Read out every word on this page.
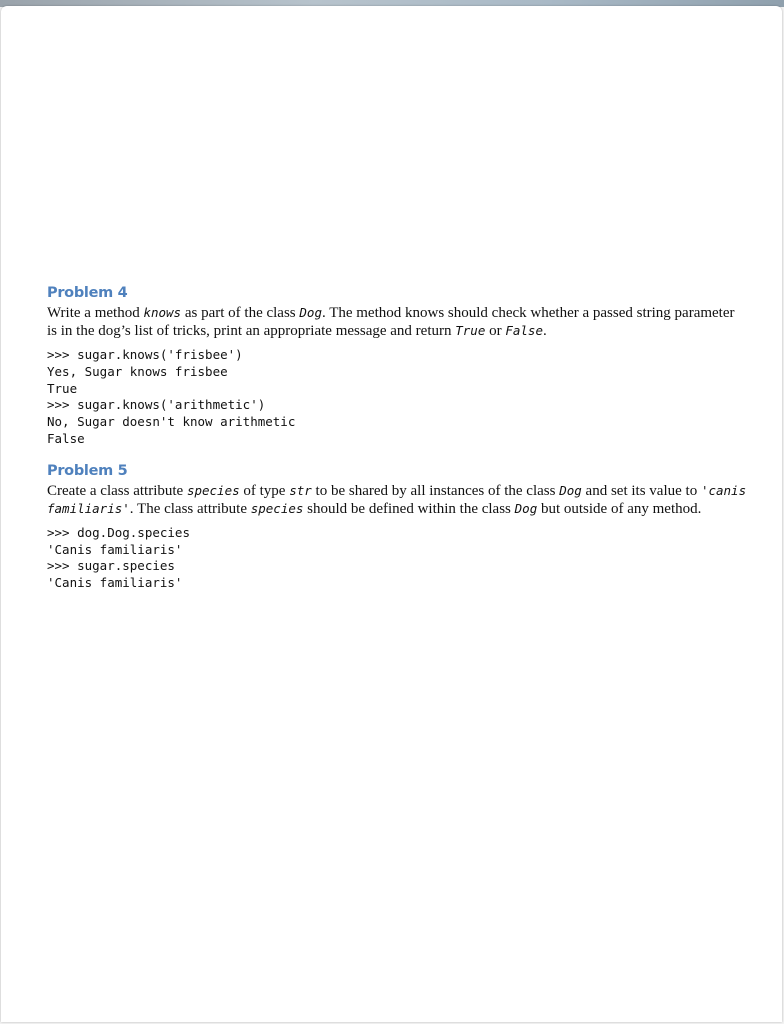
Problem 4

Write a method knows as part of the class Dog. The method knows should check whether a passed string parameter is in the dog’s list of tricks, print an appropriate message and return True or False.

>>> sugar.knows('frisbee')
Yes, Sugar knows frisbee
True
>>> sugar.knows('arithmetic')
No, Sugar doesn't know arithmetic
False
Problem 5

Create a class attribute species of type str to be shared by all instances of the class Dog and set its value to 'canis familiaris'. The class attribute species should be defined within the class Dog but outside of any method.

>>> dog.Dog.species
'Canis familiaris'
>>> sugar.species
'Canis familiaris'
